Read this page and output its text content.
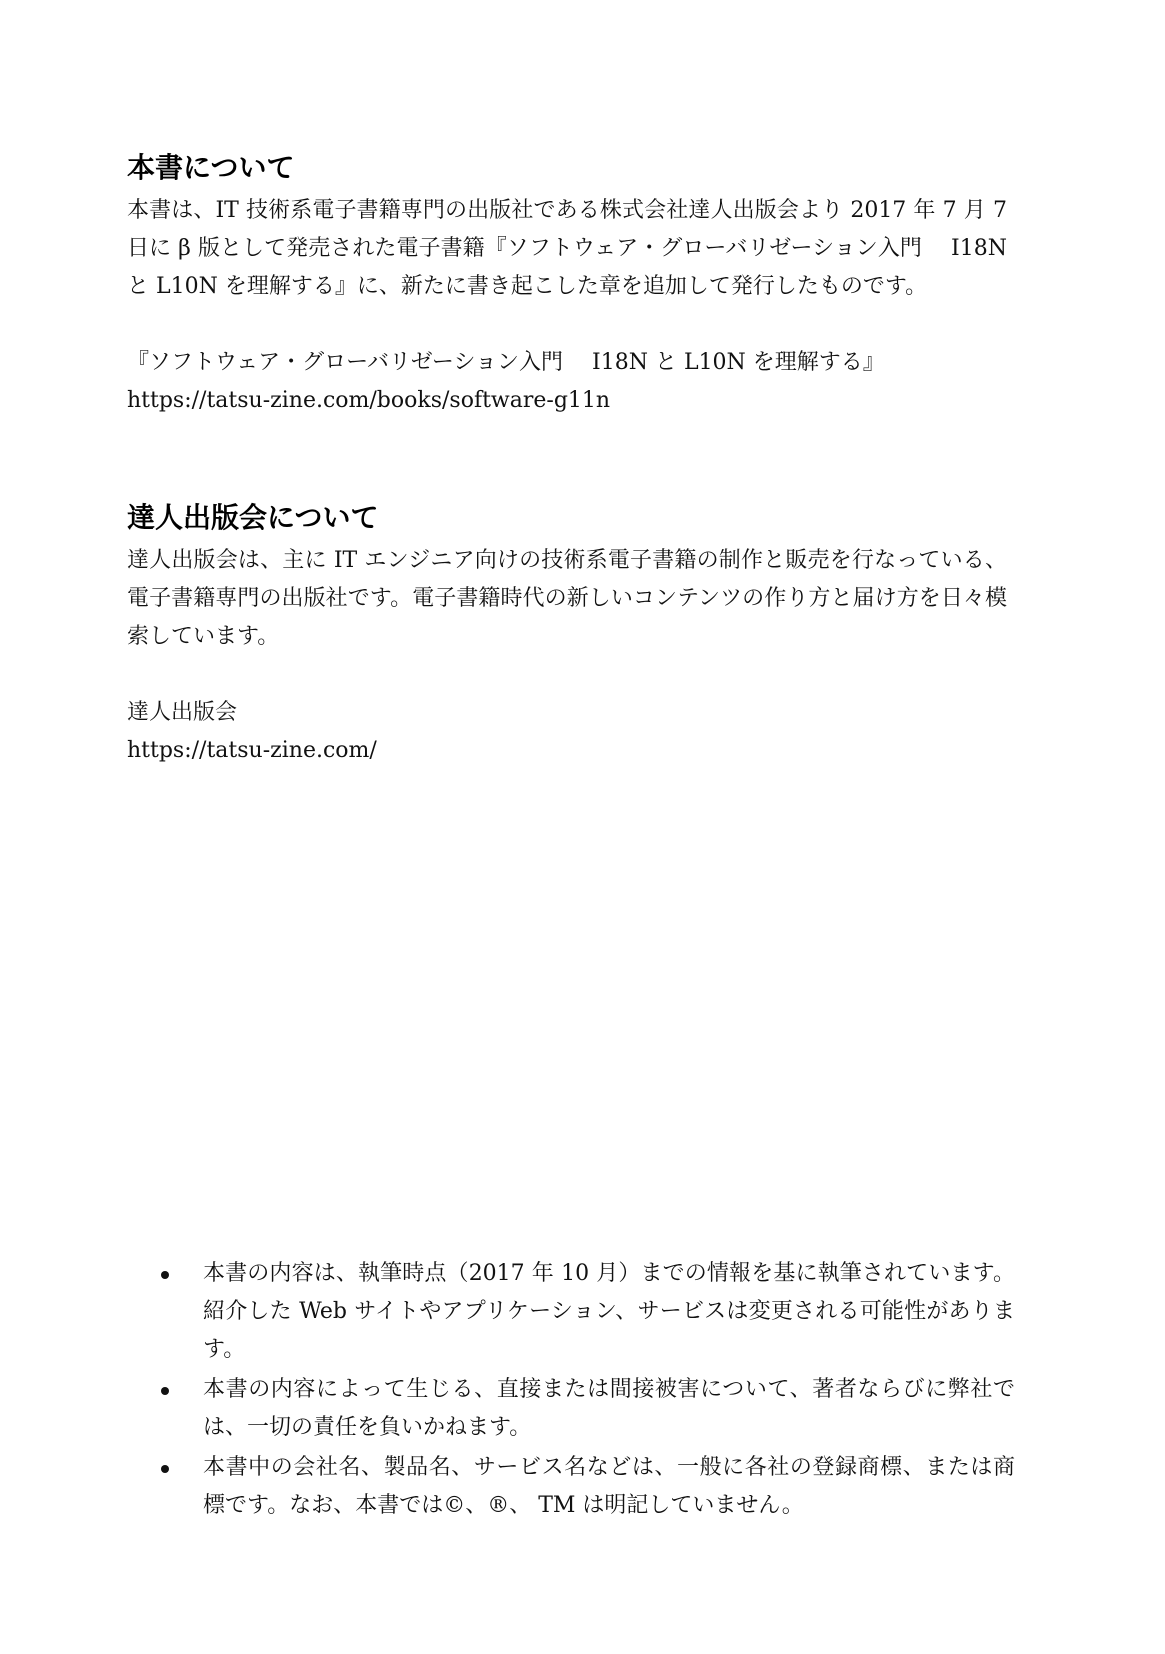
本書について

本書は、IT 技術系電子書籍専門の出版社である株式会社達人出版会より 2017 年 7 月 7 日に β 版として発売された電子書籍『ソフトウェア・グローバリゼーション入門　 I18N と L10N を理解する』に、新たに書き起こした章を追加して発行したものです。

『ソフトウェア・グローバリゼーション入門　 I18N と L10N を理解する』

https://tatsu-zine.com/books/software-g11n

達人出版会について

達人出版会は、主に IT エンジニア向けの技術系電子書籍の制作と販売を行なっている、電子書籍専門の出版社です。電子書籍時代の新しいコンテンツの作り方と届け方を日々模索しています。

達人出版会

https://tatsu-zine.com/

本書の内容は、執筆時点（2017 年 10 月）までの情報を基に執筆されています。紹介した Web サイトやアプリケーション、サービスは変更される可能性があります。
本書の内容によって生じる、直接または間接被害について、著者ならびに弊社では、一切の責任を負いかねます。
本書中の会社名、製品名、サービス名などは、一般に各社の登録商標、または商標です。なお、本書では©、®、 TM は明記していません。
